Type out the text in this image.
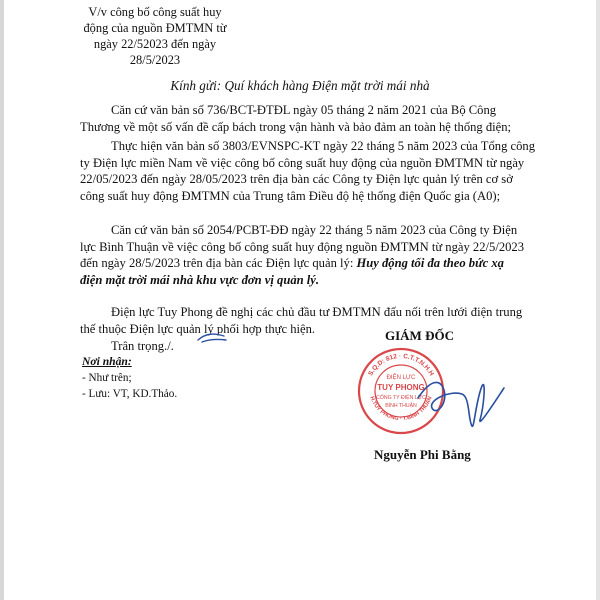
V/v công bố công suất huy
động của nguồn ĐMTMN từ
ngày 22/52023 đến ngày
28/5/2023
Kính gửi: Quí khách hàng Điện mặt trời mái nhà
Căn cứ văn bản số 736/BCT-ĐTĐL ngày 05 tháng 2 năm 2021 của Bộ Công
Thương về một số vấn đề cấp bách trong vận hành và bảo đảm an toàn hệ thống điện;
Thực hiện văn bản số 3803/EVNSPC-KT ngày 22 tháng 5 năm 2023 của Tổng công
ty Điện lực miền Nam về việc công bố công suất huy động của nguồn ĐMTMN từ ngày
22/05/2023 đến ngày 28/05/2023 trên địa bàn các Công ty Điện lực quản lý trên cơ sở
công suất huy động ĐMTMN của Trung tâm Điều độ hệ thống điện Quốc gia (A0);
Căn cứ văn bản số 2054/PCBT-ĐĐ ngày 22 tháng 5 năm 2023 của Công ty Điện
lực Bình Thuận về việc công bố công suất huy động nguồn ĐMTMN từ ngày 22/5/2023
đến ngày 28/5/2023 trên địa bàn các Điện lực quản lý: Huy động tối đa theo bức xạ
điện mặt trời mái nhà khu vực đơn vị quản lý.
Điện lực Tuy Phong đề nghị các chủ đầu tư ĐMTMN đấu nối trên lưới điện trung
thế thuộc Điện lực quản lý phối hợp thực hiện.
Trân trọng./.
Nơi nhận:
- Như trên;
- Lưu: VT, KD.Thảo.
GIÁM ĐỐC
S.Q.D: 812 · C.T.T.N.H.H
H.TUY PHONG · T.BÌNH THUẬN
ĐIỆN LỰC
TUY PHONG
CÔNG TY ĐIỆN LỰC
BÌNH THUẬN
Nguyễn Phi Bằng
